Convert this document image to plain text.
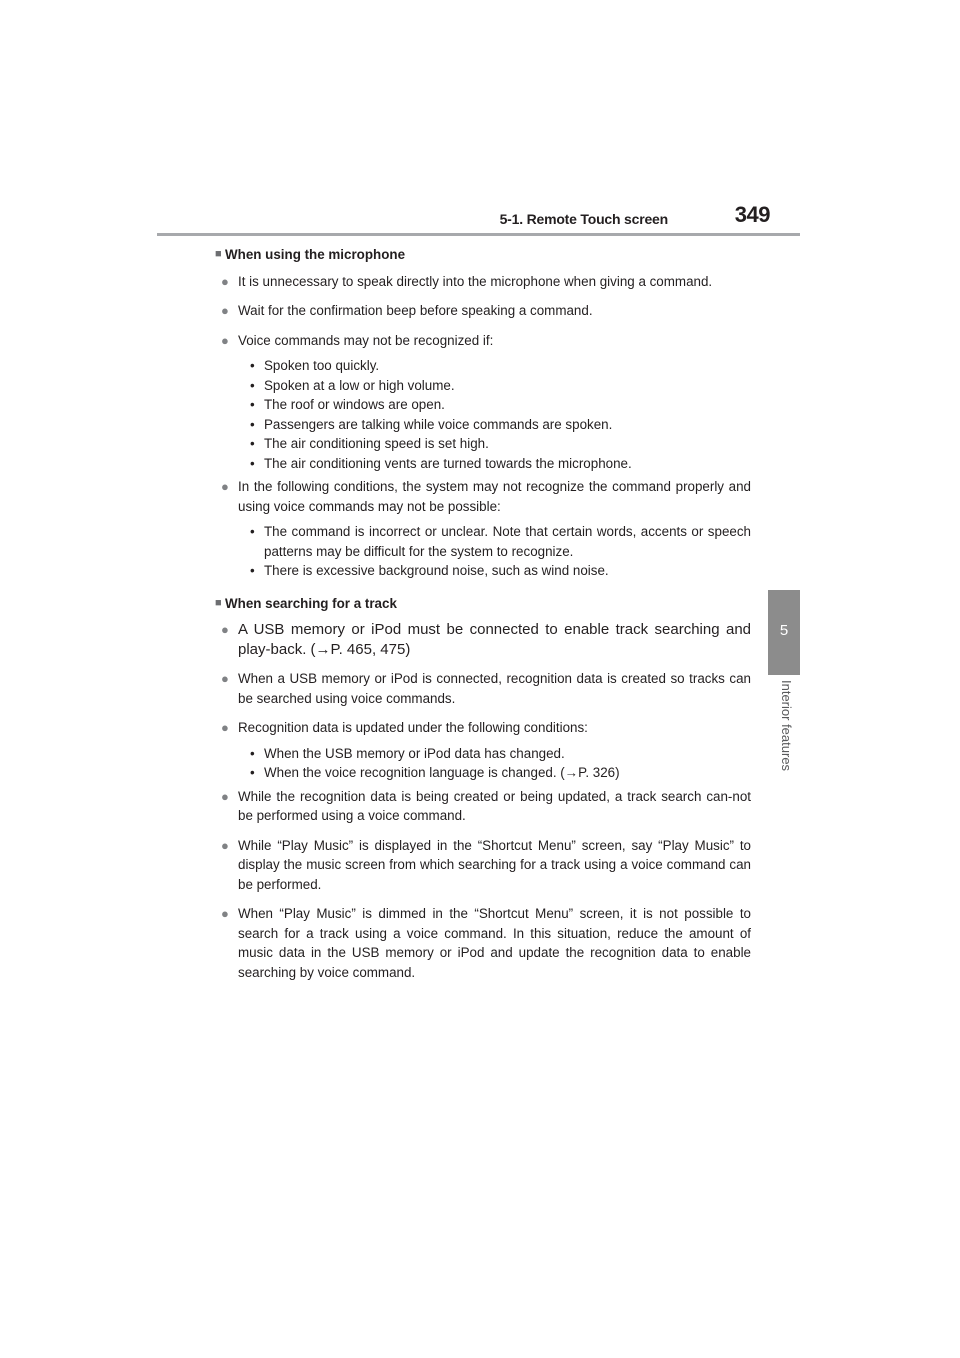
5-1. Remote Touch screen	349
5
Interior features
■ When using the microphone
● It is unnecessary to speak directly into the microphone when giving a command.
● Wait for the confirmation beep before speaking a command.
● Voice commands may not be recognized if:
• Spoken too quickly.
• Spoken at a low or high volume.
• The roof or windows are open.
• Passengers are talking while voice commands are spoken.
• The air conditioning speed is set high.
• The air conditioning vents are turned towards the microphone.
● In the following conditions, the system may not recognize the command properly and using voice commands may not be possible:
• The command is incorrect or unclear. Note that certain words, accents or speech patterns may be difficult for the system to recognize.
• There is excessive background noise, such as wind noise.
■ When searching for a track
● A USB memory or iPod must be connected to enable track searching and play-back. (→P. 465, 475)
● When a USB memory or iPod is connected, recognition data is created so tracks can be searched using voice commands.
● Recognition data is updated under the following conditions:
• When the USB memory or iPod data has changed.
• When the voice recognition language is changed. (→P. 326)
● While the recognition data is being created or being updated, a track search can-not be performed using a voice command.
● While “Play Music” is displayed in the “Shortcut Menu” screen, say “Play Music” to display the music screen from which searching for a track using a voice command can be performed.
● When “Play Music” is dimmed in the “Shortcut Menu” screen, it is not possible to search for a track using a voice command. In this situation, reduce the amount of music data in the USB memory or iPod and update the recognition data to enable searching by voice command.
